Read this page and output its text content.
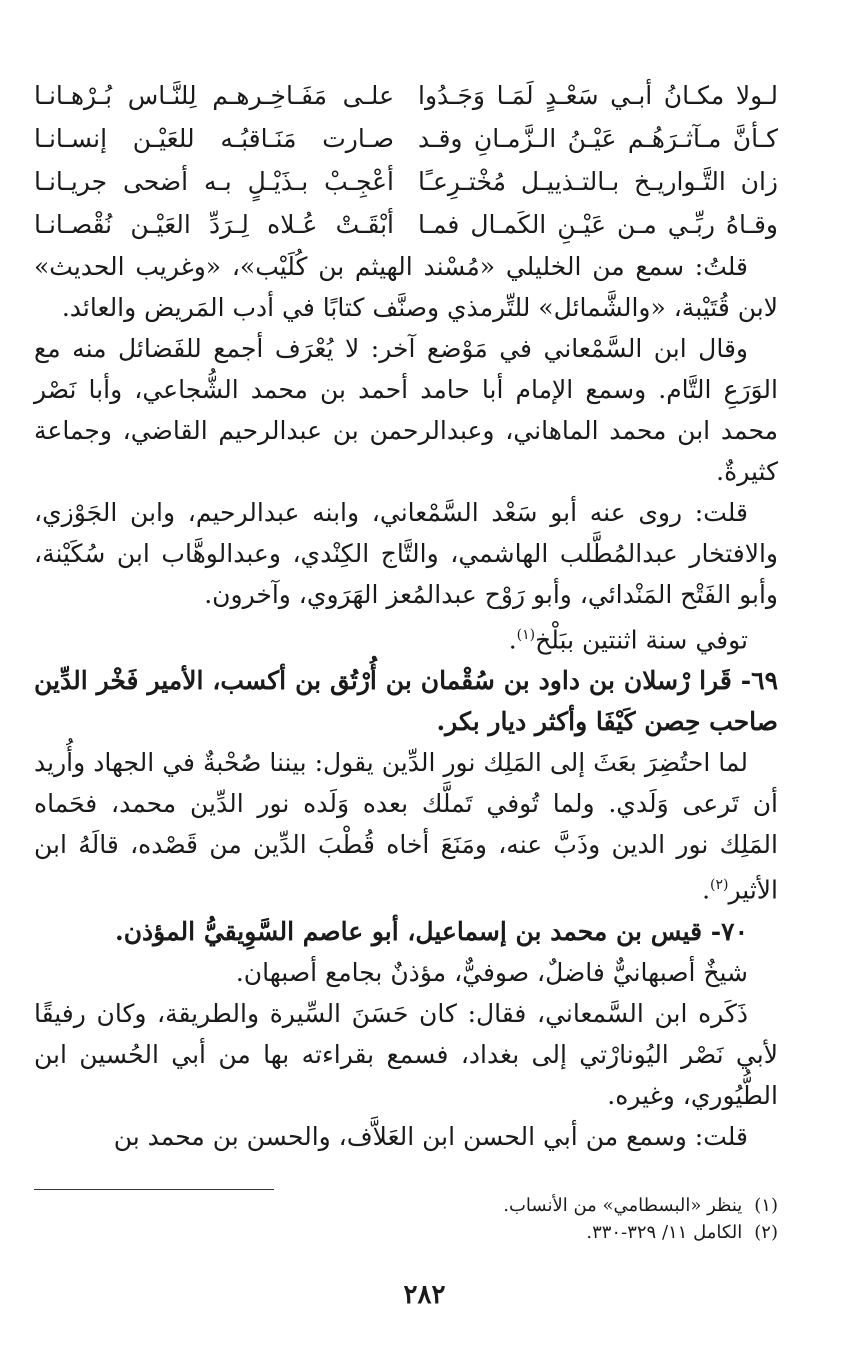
لـولا مكـانُ أبـي سَعْـدٍ لَمَـا وَجَـدُوا
علـى مَفَـاخِـرهـم لِلنَّـاس بُـرْهـانـا
كـأنَّ مـآثـرَهُـم عَيْـنُ الـزَّمـانِ وقـد
صـارت مَنَـاقبُـه للعَيْـن إنسـانـا
زان التَّـواريـخ بـالتـذييـل مُخْتـرِعـًا
أعْجِـبْ بـذَيْـلٍ بـه أضحى جريـانـا
وقـاهُ ربِّـي مـن عَيْـنِ الكَمـال فمـا
أبْقَـتْ عُـلاه لِـرَدِّ العَيْـن نُقْصـانـا

قلتُ: سمع من الخليلي «مُسْند الهيثم بن كُلَيْب»، «وغريب الحديث» لابن قُتَيْبة، «والشَّمائل» للتِّرمذي وصنَّف كتابًا في أدب المَريض والعائد.

وقال ابن السَّمْعاني في مَوْضع آخر: لا يُعْرَف أجمع للفَضائل منه مع الوَرَعِ التَّام. وسمع الإمام أبا حامد أحمد بن محمد الشُّجاعي، وأبا نَصْر محمد ابن محمد الماهاني، وعبدالرحمن بن عبدالرحيم القاضي، وجماعة كثيرةٌ.

قلت: روى عنه أبو سَعْد السَّمْعاني، وابنه عبدالرحيم، وابن الجَوْزي، والافتخار عبدالمُطَّلب الهاشمي، والتَّاج الكِنْدي، وعبدالوهَّاب ابن سُكَيْنة، وأبو الفَتْح المَنْدائي، وأبو رَوْح عبدالمُعز الهَرَوي، وآخرون.

توفي سنة اثنتين ببَلْخ$^{(١)}$.

٦٩- قَرا رْسلان بن داود بن سُقْمان بن أُرْتُق بن أكسب، الأمير فَخْر الدِّين صاحب حِصن كَيْفَا وأكثر ديار بكر.

لما احتُضِرَ بعَثَ إلى المَلِك نور الدِّين يقول: بيننا صُحْبةٌ في الجهاد وأُريد أن تَرعى وَلَدي. ولما تُوفي تَملَّك بعده وَلَده نور الدِّين محمد، فحَماه المَلِك نور الدين وذَبَّ عنه، ومَنَعَ أخاه قُطْبَ الدِّين من قَصْده، قالَهُ ابن الأثير$^{(٢)}$.

٧٠- قيس بن محمد بن إسماعيل، أبو عاصم السَّوِيقيُّ المؤذن.

شيخٌ أصبهانيٌّ فاضلٌ، صوفيٌّ، مؤذنٌ بجامع أصبهان.

ذَكَره ابن السَّمعاني، فقال: كان حَسَنَ السِّيرة والطريقة، وكان رفيقًا لأبي نَصْر اليُونارْتي إلى بغداد، فسمع بقراءته بها من أبي الحُسين ابن الطُّيُوري، وغيره.

قلت: وسمع من أبي الحسن ابن العَلاَّف، والحسن بن محمد بن

(١)
ينظر «البسطامي» من الأنساب.
(٢)
الكامل ١١/ ٣٢٩-٣٣٠.
٢٨٢
